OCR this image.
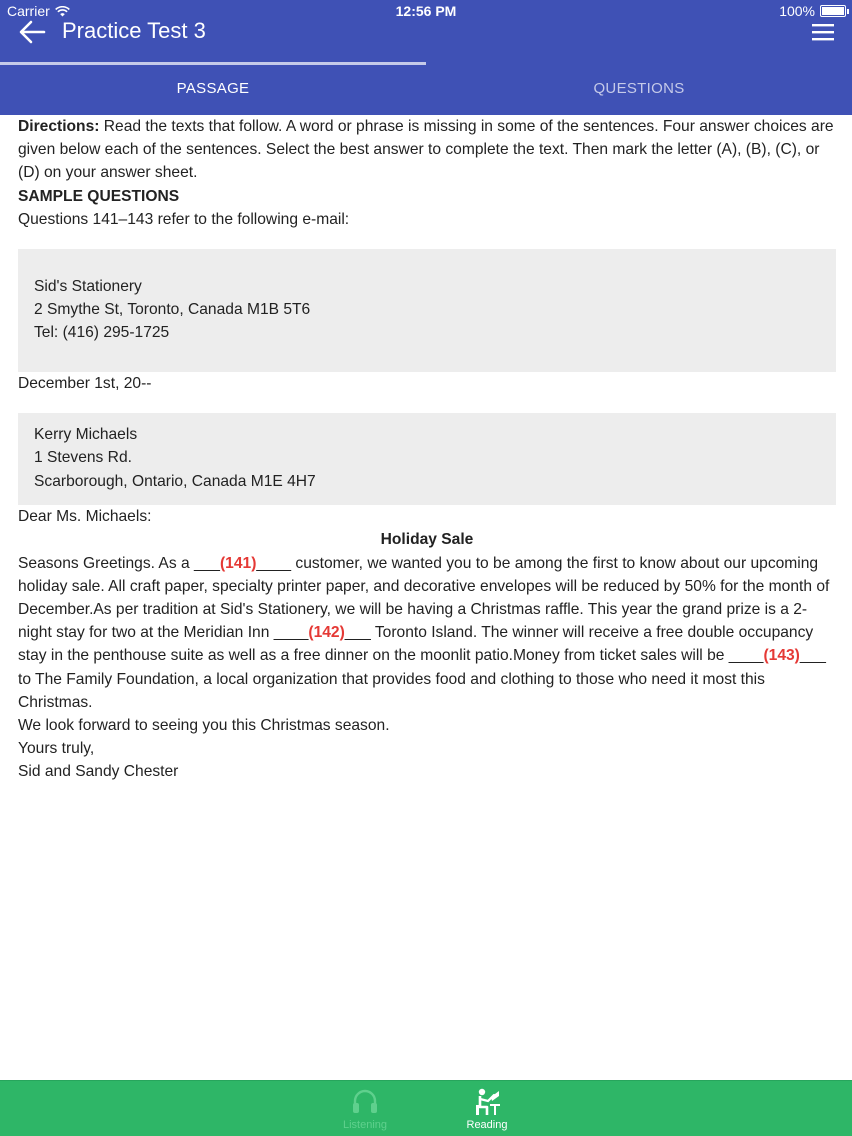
Carrier	12:56 PM	100%
Practice Test 3
PASSAGE	QUESTIONS

Directions: Read the texts that follow. A word or phrase is missing in some of the sentences. Four answer choices are given below each of the sentences. Select the best answer to complete the text. Then mark the letter (A), (B), (C), or (D) on your answer sheet.

SAMPLE QUESTIONS

Questions 141–143 refer to the following e-mail:

Sid's Stationery

2 Smythe St, Toronto, Canada M1B 5T6

Tel: (416) 295-1725

December 1st, 20--

Kerry Michaels

1 Stevens Rd.

Scarborough, Ontario, Canada M1E 4H7

Dear Ms. Michaels:

Holiday Sale

Seasons Greetings. As a ___(141)____ customer, we wanted you to be among the first to know about our upcoming holiday sale. All craft paper, specialty printer paper, and decorative envelopes will be reduced by 50% for the month of December.As per tradition at Sid's Stationery, we will be having a Christmas raffle. This year the grand prize is a 2-night stay for two at the Meridian Inn ____(142)___ Toronto Island. The winner will receive a free double occupancy stay in the penthouse suite as well as a free dinner on the moonlit patio.Money from ticket sales will be ____(143)___ to The Family Foundation, a local organization that provides food and clothing to those who need it most this Christmas.

We look forward to seeing you this Christmas season.

Yours truly,

Sid and Sandy Chester

Listening	Reading
